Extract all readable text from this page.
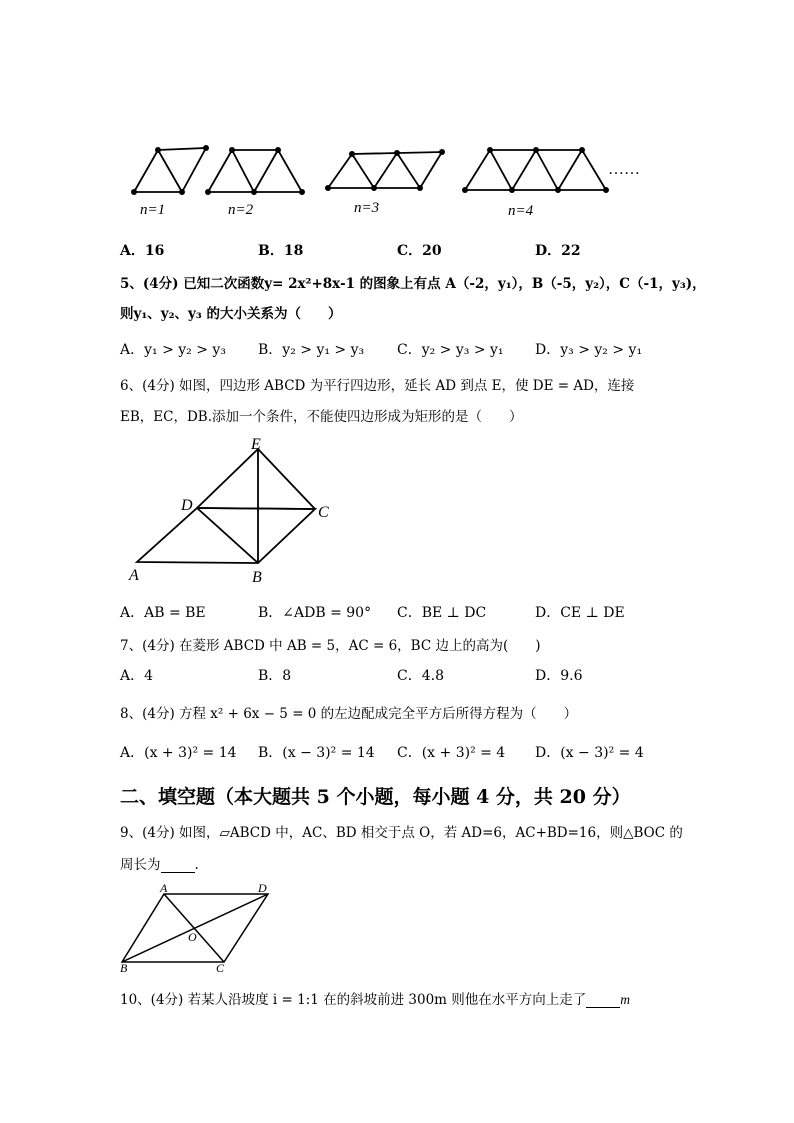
n=1	n=2	n=3	n=4
……
A．16	B．18	C．20	D．22
5、(4分) 已知二次函数y= 2x²+8x-1 的图象上有点 A（-2，y₁），B（-5，y₂），C（-1，y₃)，
则y₁、y₂、y₃ 的大小关系为（　　）
A．y₁ > y₂ > y₃ B．y₂ > y₁ > y₃ C．y₂ > y₃ > y₁ D．y₃ > y₂ > y₁
6、(4分) 如图，四边形 ABCD 为平行四边形，延长 AD 到点 E，使 DE = AD，连接
EB，EC，DB.添加一个条件，不能使四边形成为矩形的是（　　）
E
D	C
A	B
A．AB = BE	B．∠ADB = 90° C．BE ⊥ DC	D．CE ⊥ DE
7、(4分) 在菱形 ABCD 中 AB = 5，AC = 6，BC 边上的高为(　　)
A．4	B．8	C．4.8	D．9.6
8、(4分) 方程 x² + 6x − 5 = 0 的左边配成完全平方后所得方程为（　　）
A．(x + 3)² = 14 B．(x − 3)² = 14 C．(x + 3)² = 4 D．(x − 3)² = 4
二、填空题（本大题共 5 个小题，每小题 4 分，共 20 分）
9、(4分) 如图，▱ABCD 中，AC、BD 相交于点 O，若 AD=6，AC+BD=16，则△BOC 的
周长为	.
A	D
O
B	C
10、(4分) 若某人沿坡度 i = 1:1 在的斜坡前进 300m 则他在水平方向上走了	m
